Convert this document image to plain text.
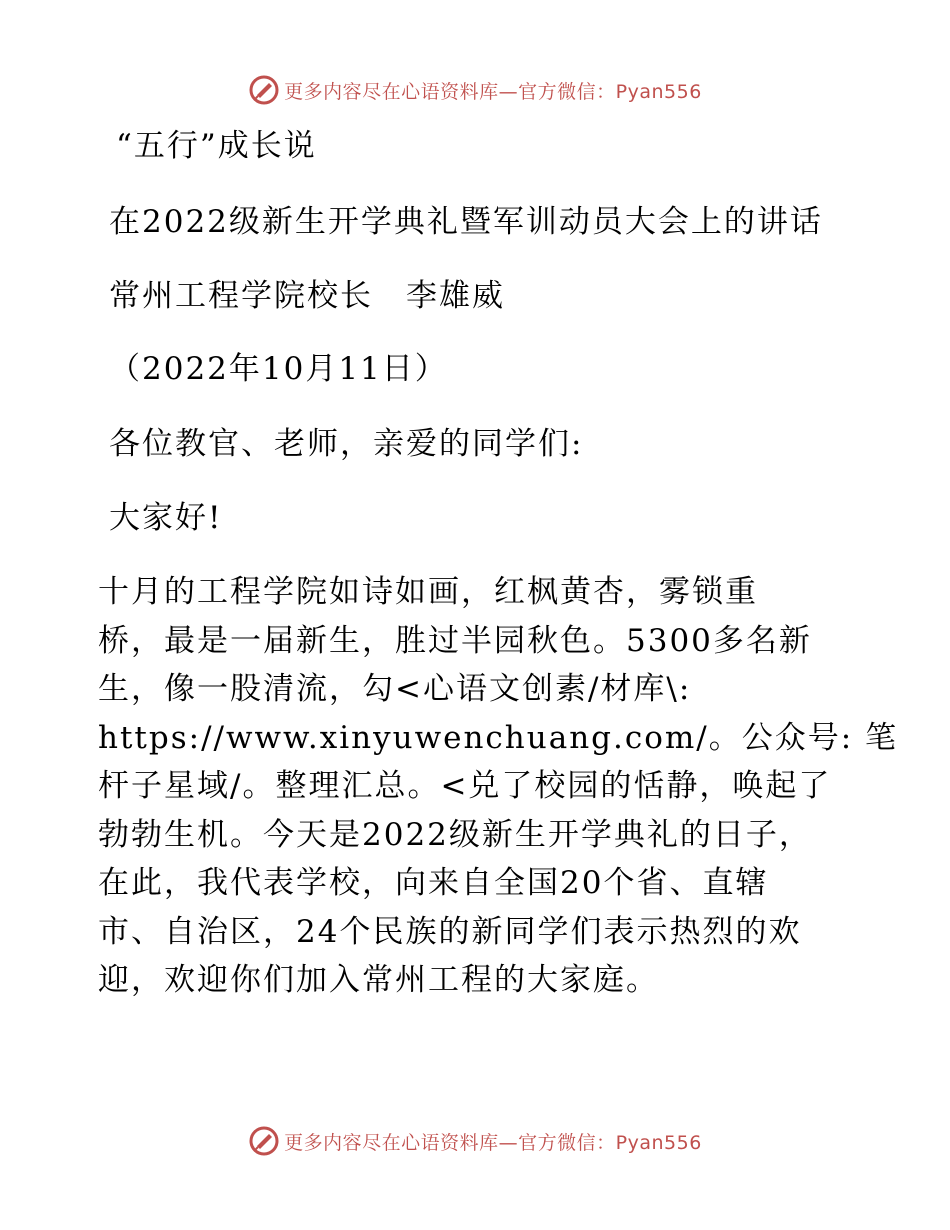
更多内容尽在心语资料库—官方微信：Pyan556
“五行”成长说
在2022级新生开学典礼暨军训动员大会上的讲话
常州工程学院校长　李雄威
（2022年10月11日）
各位教官、老师，亲爱的同学们:
大家好!
十月的工程学院如诗如画，红枫黄杏，雾锁重
桥，最是一届新生，胜过半园秋色。5300多名新
生，像一股清流，勾<心语文创素/材库\:
https://www.xinyuwenchuang.com/。公众号: 笔
杆子星域/。整理汇总。<兑了校园的恬静，唤起了
勃勃生机。今天是2022级新生开学典礼的日子，
在此，我代表学校，向来自全国20个省、直辖
市、自治区，24个民族的新同学们表示热烈的欢
迎，欢迎你们加入常州工程的大家庭。
更多内容尽在心语资料库—官方微信：Pyan556
